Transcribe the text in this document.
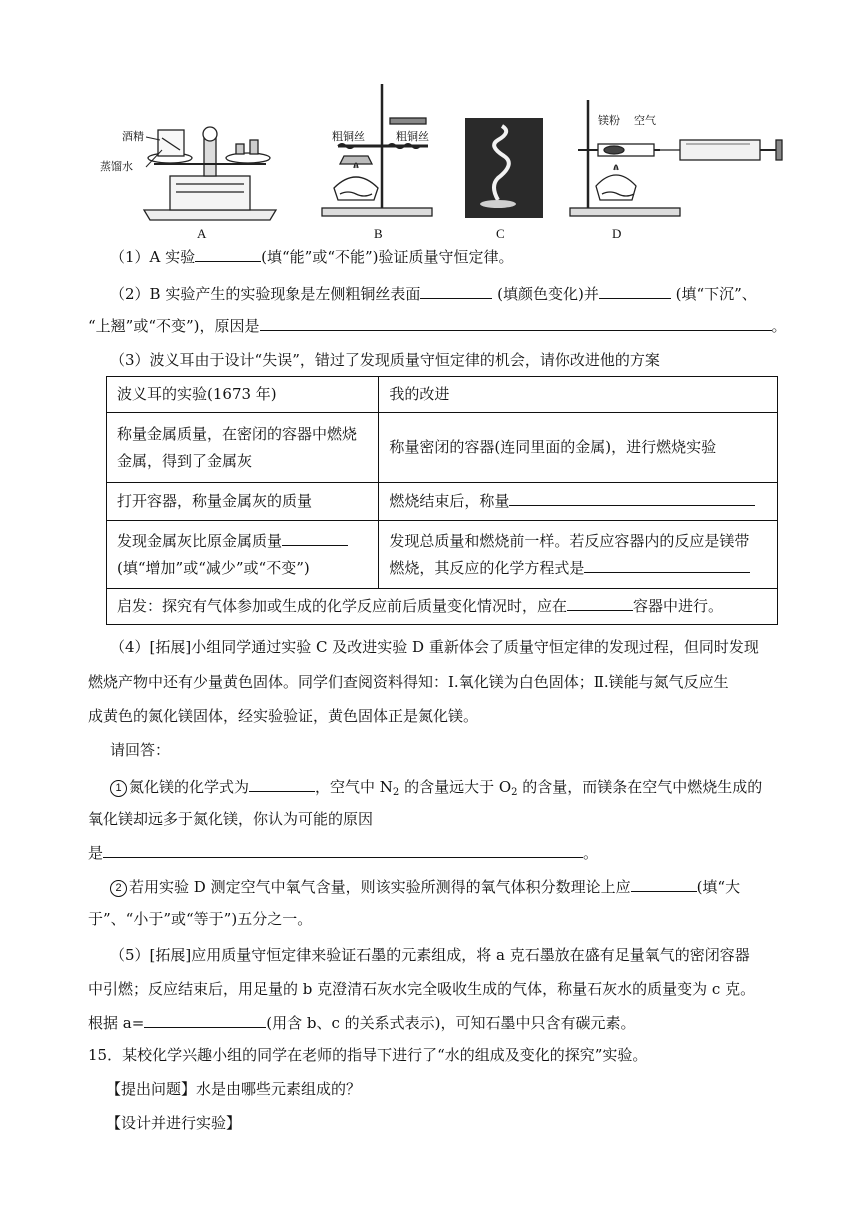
酒精
蒸馏水
粗铜丝	粗铜丝
镁粉 空气
A	B	C	D
（1）A 实验	(填“能”或“不能”)验证质量守恒定律。
（2）B 实验产生的实验现象是左侧粗铜丝表面	(填颜色变化)并	(填“下沉”、
“上翘”或“不变”)，原因是	。
（3）波义耳由于设计“失误”，错过了发现质量守恒定律的机会，请你改进他的方案
波义耳的实验(1673 年)	我的改进
称量金属质量，在密闭的容器中燃烧
金属，得到了金属灰	称量密闭的容器(连同里面的金属)，进行燃烧实验
打开容器，称量金属灰的质量	燃烧结束后，称量
发现金属灰比原金属质量
(填“增加”或“减少”或“不变”)	发现总质量和燃烧前一样。若反应容器内的反应是镁带
燃烧，其反应的化学方程式是
启发：探究有气体参加或生成的化学反应前后质量变化情况时，应在 容器中进行。	
（4）[拓展]小组同学通过实验 C 及改进实验 D 重新体会了质量守恒定律的发现过程，但同时发现
燃烧产物中还有少量黄色固体。同学们查阅资料得知：Ⅰ.氧化镁为白色固体；Ⅱ.镁能与氮气反应生
成黄色的氮化镁固体，经实验验证，黄色固体正是氮化镁。
请回答：
1 氮化镁的化学式为	，空气中 $N_2$ 的含量远大于 $O_2$ 的含量，而镁条在空气中燃烧生成的
氧化镁却远多于氮化镁，你认为可能的原因
是	。
2 若用实验 D 测定空气中氧气含量，则该实验所测得的氧气体积分数理论上应	(填“大
于”、“小于”或“等于”)五分之一。
（5）[拓展]应用质量守恒定律来验证石墨的元素组成，将 a 克石墨放在盛有足量氧气的密闭容器
中引燃；反应结束后，用足量的 b 克澄清石灰水完全吸收生成的气体，称量石灰水的质量变为 c 克。
根据 a=	(用含 b、c 的关系式表示)，可知石墨中只含有碳元素。
15．某校化学兴趣小组的同学在老师的指导下进行了“水的组成及变化的探究”实验。
【提出问题】水是由哪些元素组成的？
【设计并进行实验】
